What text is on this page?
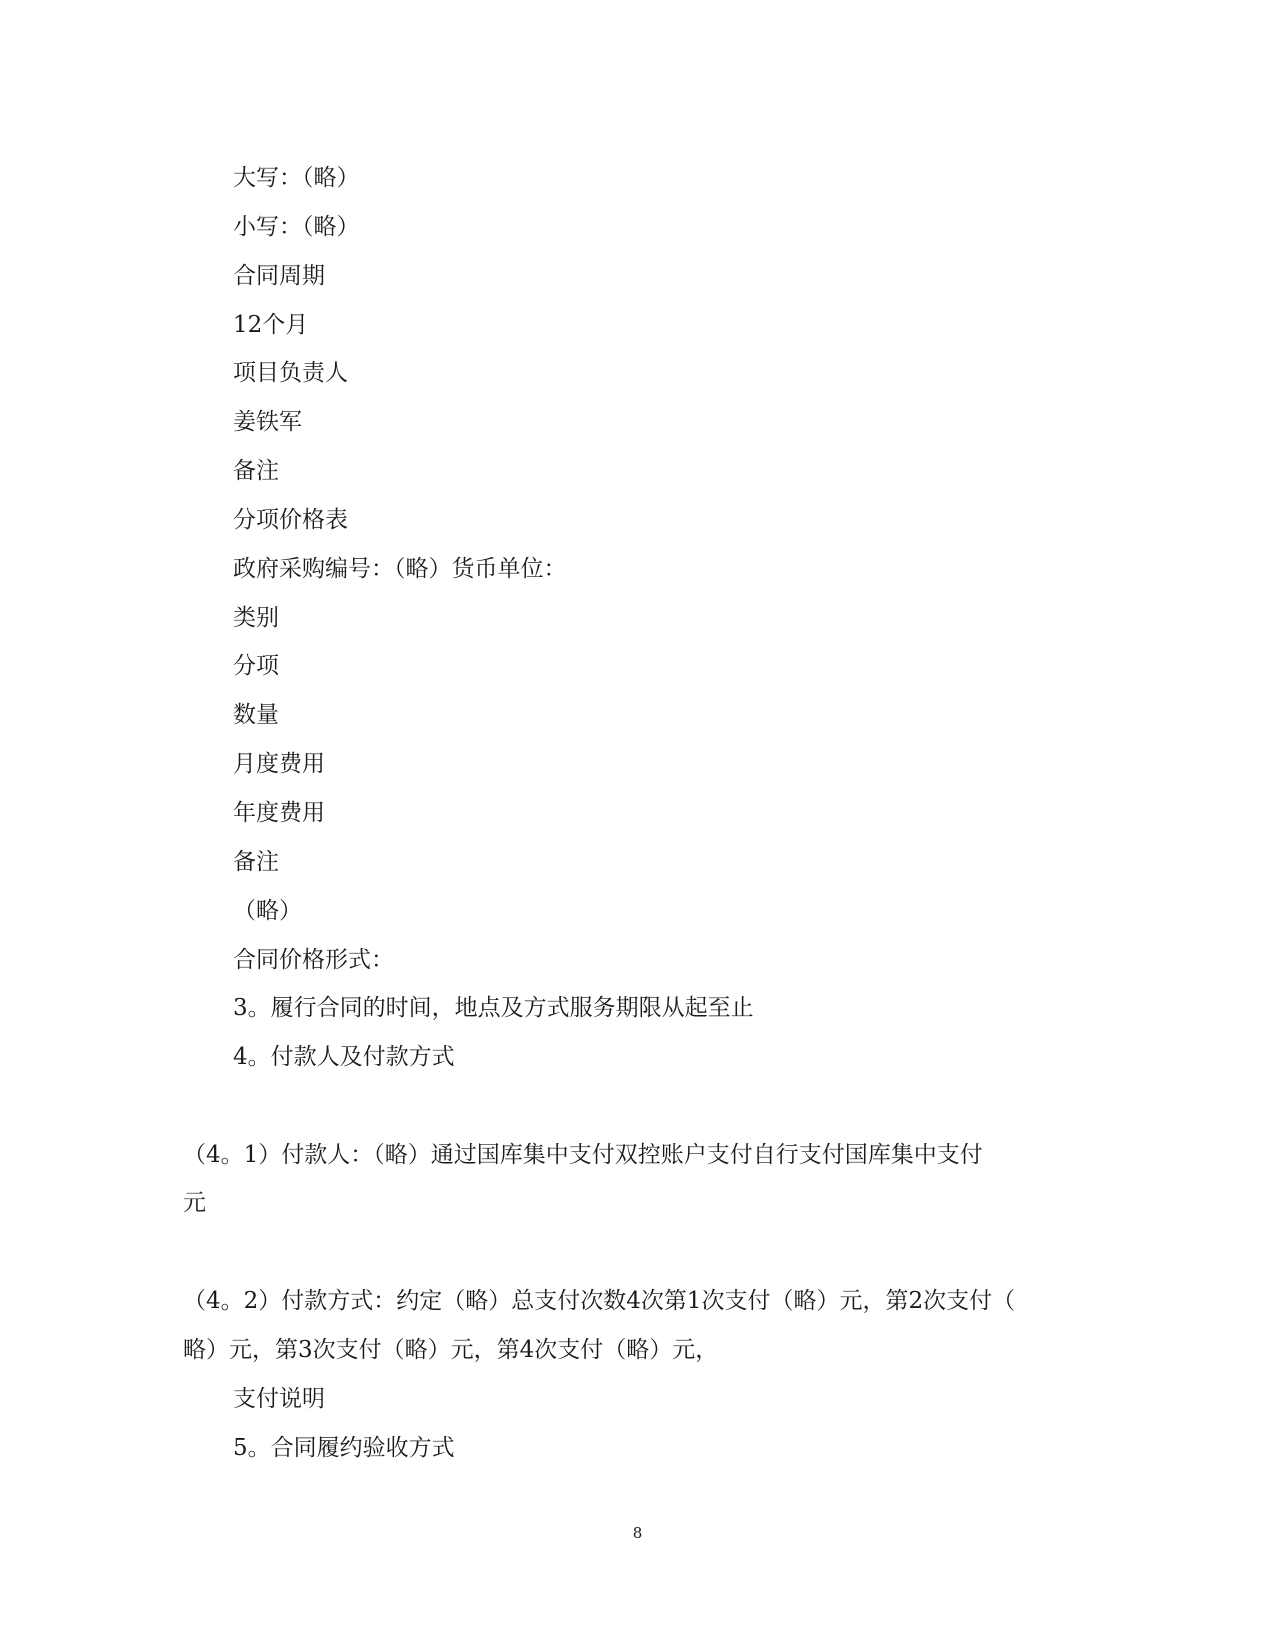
大写：（略）
小写：（略）
合同周期
12个月
项目负责人
姜铁军
备注
分项价格表
政府采购编号：（略）货币单位：
类别
分项
数量
月度费用
年度费用
备注
（略）
合同价格形式：
3。履行合同的时间，地点及方式服务期限从起至止
4。付款人及付款方式
（4。1）付款人：（略）通过国库集中支付双控账户支付自行支付国库集中支付
元
（4。2）付款方式：约定（略）总支付次数4次第1次支付（略）元，第2次支付（
略）元，第3次支付（略）元，第4次支付（略）元，
支付说明
5。合同履约验收方式
8
